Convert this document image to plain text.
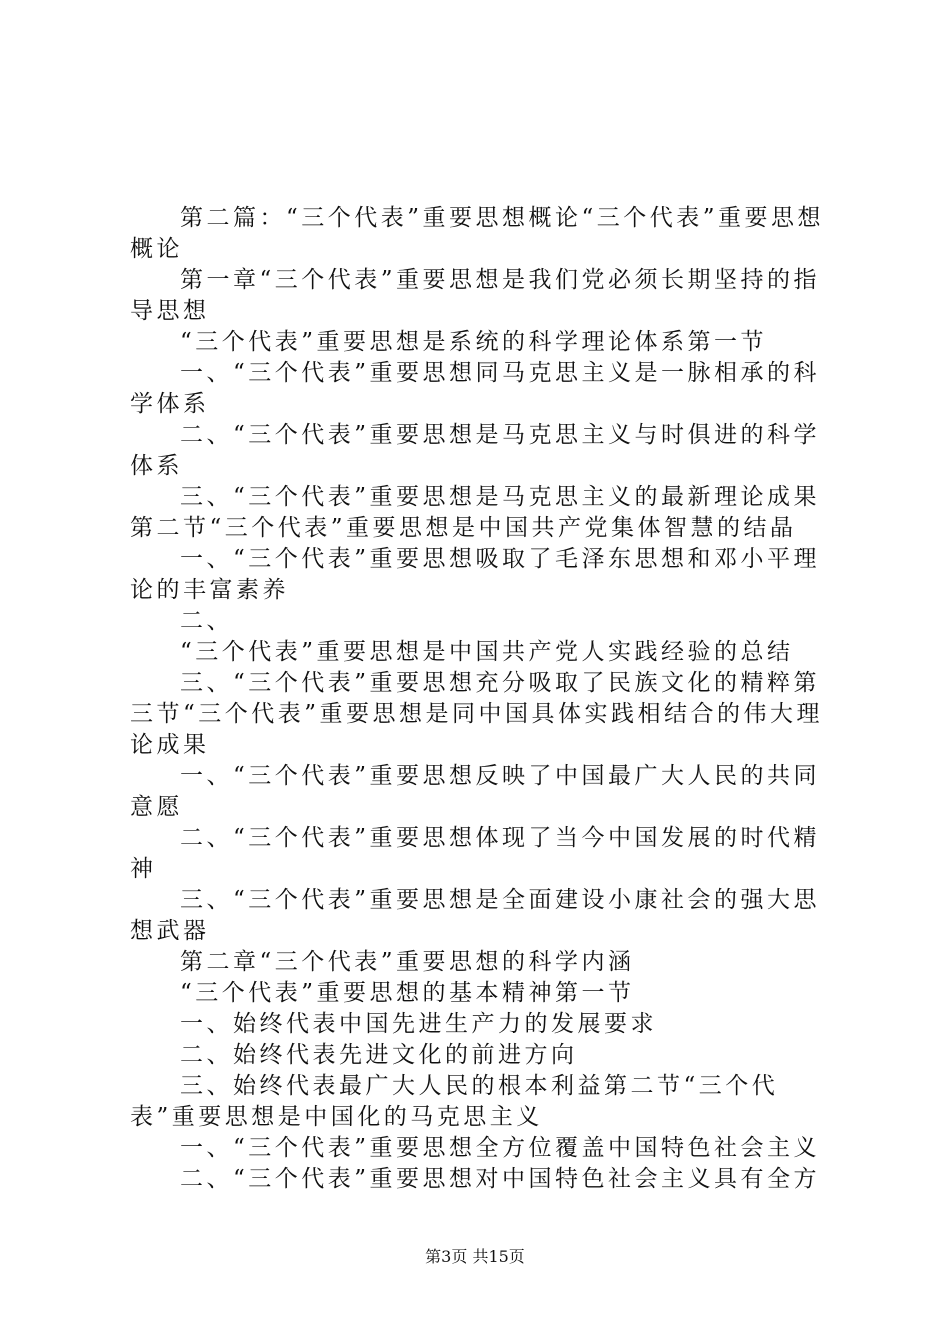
第二篇：“三个代表”重要思想概论“三个代表”重要思想概论

第一章“三个代表”重要思想是我们党必须长期坚持的指导思想

“三个代表”重要思想是系统的科学理论体系第一节

一、“三个代表”重要思想同马克思主义是一脉相承的科学体系

二、“三个代表”重要思想是马克思主义与时俱进的科学体系

三、“三个代表”重要思想是马克思主义的最新理论成果第二节“三个代表”重要思想是中国共产党集体智慧的结晶

一、“三个代表”重要思想吸取了毛泽东思想和邓小平理论的丰富素养

二、

“三个代表”重要思想是中国共产党人实践经验的总结

三、“三个代表”重要思想充分吸取了民族文化的精粹第三节“三个代表”重要思想是同中国具体实践相结合的伟大理论成果

一、“三个代表”重要思想反映了中国最广大人民的共同意愿

二、“三个代表”重要思想体现了当今中国发展的时代精神

三、“三个代表”重要思想是全面建设小康社会的强大思想武器

第二章“三个代表”重要思想的科学内涵

“三个代表”重要思想的基本精神第一节

一、始终代表中国先进生产力的发展要求

二、始终代表先进文化的前进方向

三、始终代表最广大人民的根本利益第二节“三个代表”重要思想是中国化的马克思主义

一、“三个代表”重要思想全方位覆盖中国特色社会主义

二、“三个代表”重要思想对中国特色社会主义具有全方

第3页 共15页
